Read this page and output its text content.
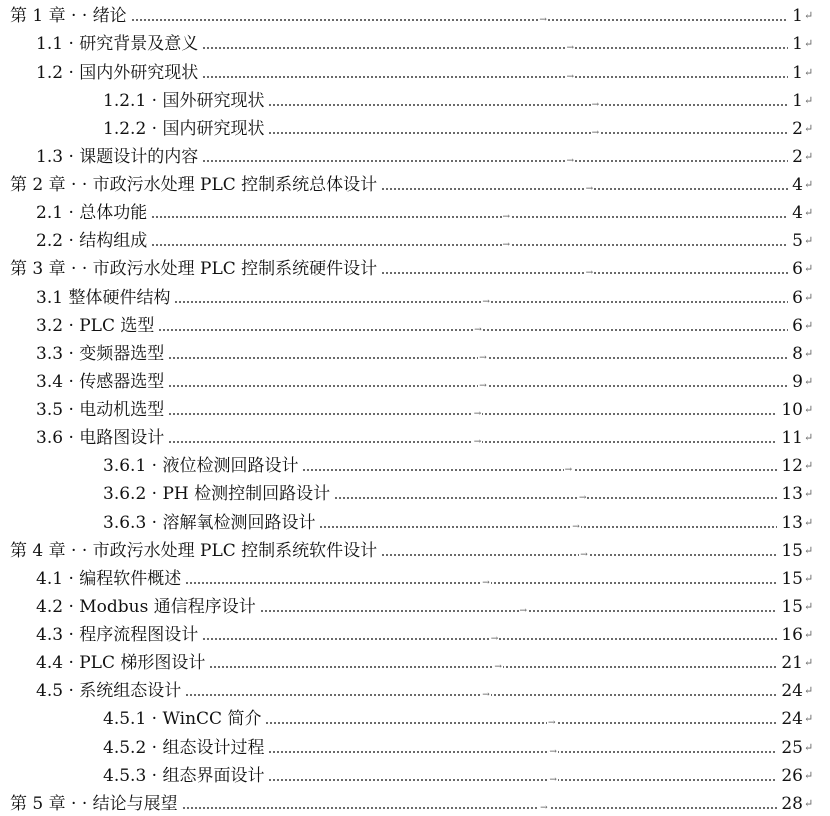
第 1 章 · · 绪论	→	1 ↵
1.1 · 研究背景及意义	→	1 ↵
1.2 · 国内外研究现状	→	1 ↵
1.2.1 · 国外研究现状	→	1 ↵
1.2.2 · 国内研究现状	→	2 ↵
1.3 · 课题设计的内容	→	2 ↵
第 2 章 · · 市政污水处理 PLC 控制系统总体设计	→	4 ↵
2.1 · 总体功能	→	4 ↵
2.2 · 结构组成	→	5 ↵
第 3 章 · · 市政污水处理 PLC 控制系统硬件设计	→	6 ↵
3.1 整体硬件结构	→	6 ↵
3.2 · PLC 选型	→	6 ↵
3.3 · 变频器选型	→	8 ↵
3.4 · 传感器选型	→	9 ↵
3.5 · 电动机选型	→	10 ↵
3.6 · 电路图设计	→	11 ↵
3.6.1 · 液位检测回路设计	→	12 ↵
3.6.2 · PH 检测控制回路设计	→	13 ↵
3.6.3 · 溶解氧检测回路设计	→	13 ↵
第 4 章 · · 市政污水处理 PLC 控制系统软件设计	→	15 ↵
4.1 · 编程软件概述	→	15 ↵
4.2 · Modbus 通信程序设计	→	15 ↵
4.3 · 程序流程图设计	→	16 ↵
4.4 · PLC 梯形图设计	→	21 ↵
4.5 · 系统组态设计	→	24 ↵
4.5.1 · WinCC 简介	→	24 ↵
4.5.2 · 组态设计过程	→	25 ↵
4.5.3 · 组态界面设计	→	26 ↵
第 5 章 · · 结论与展望	→	28 ↵
